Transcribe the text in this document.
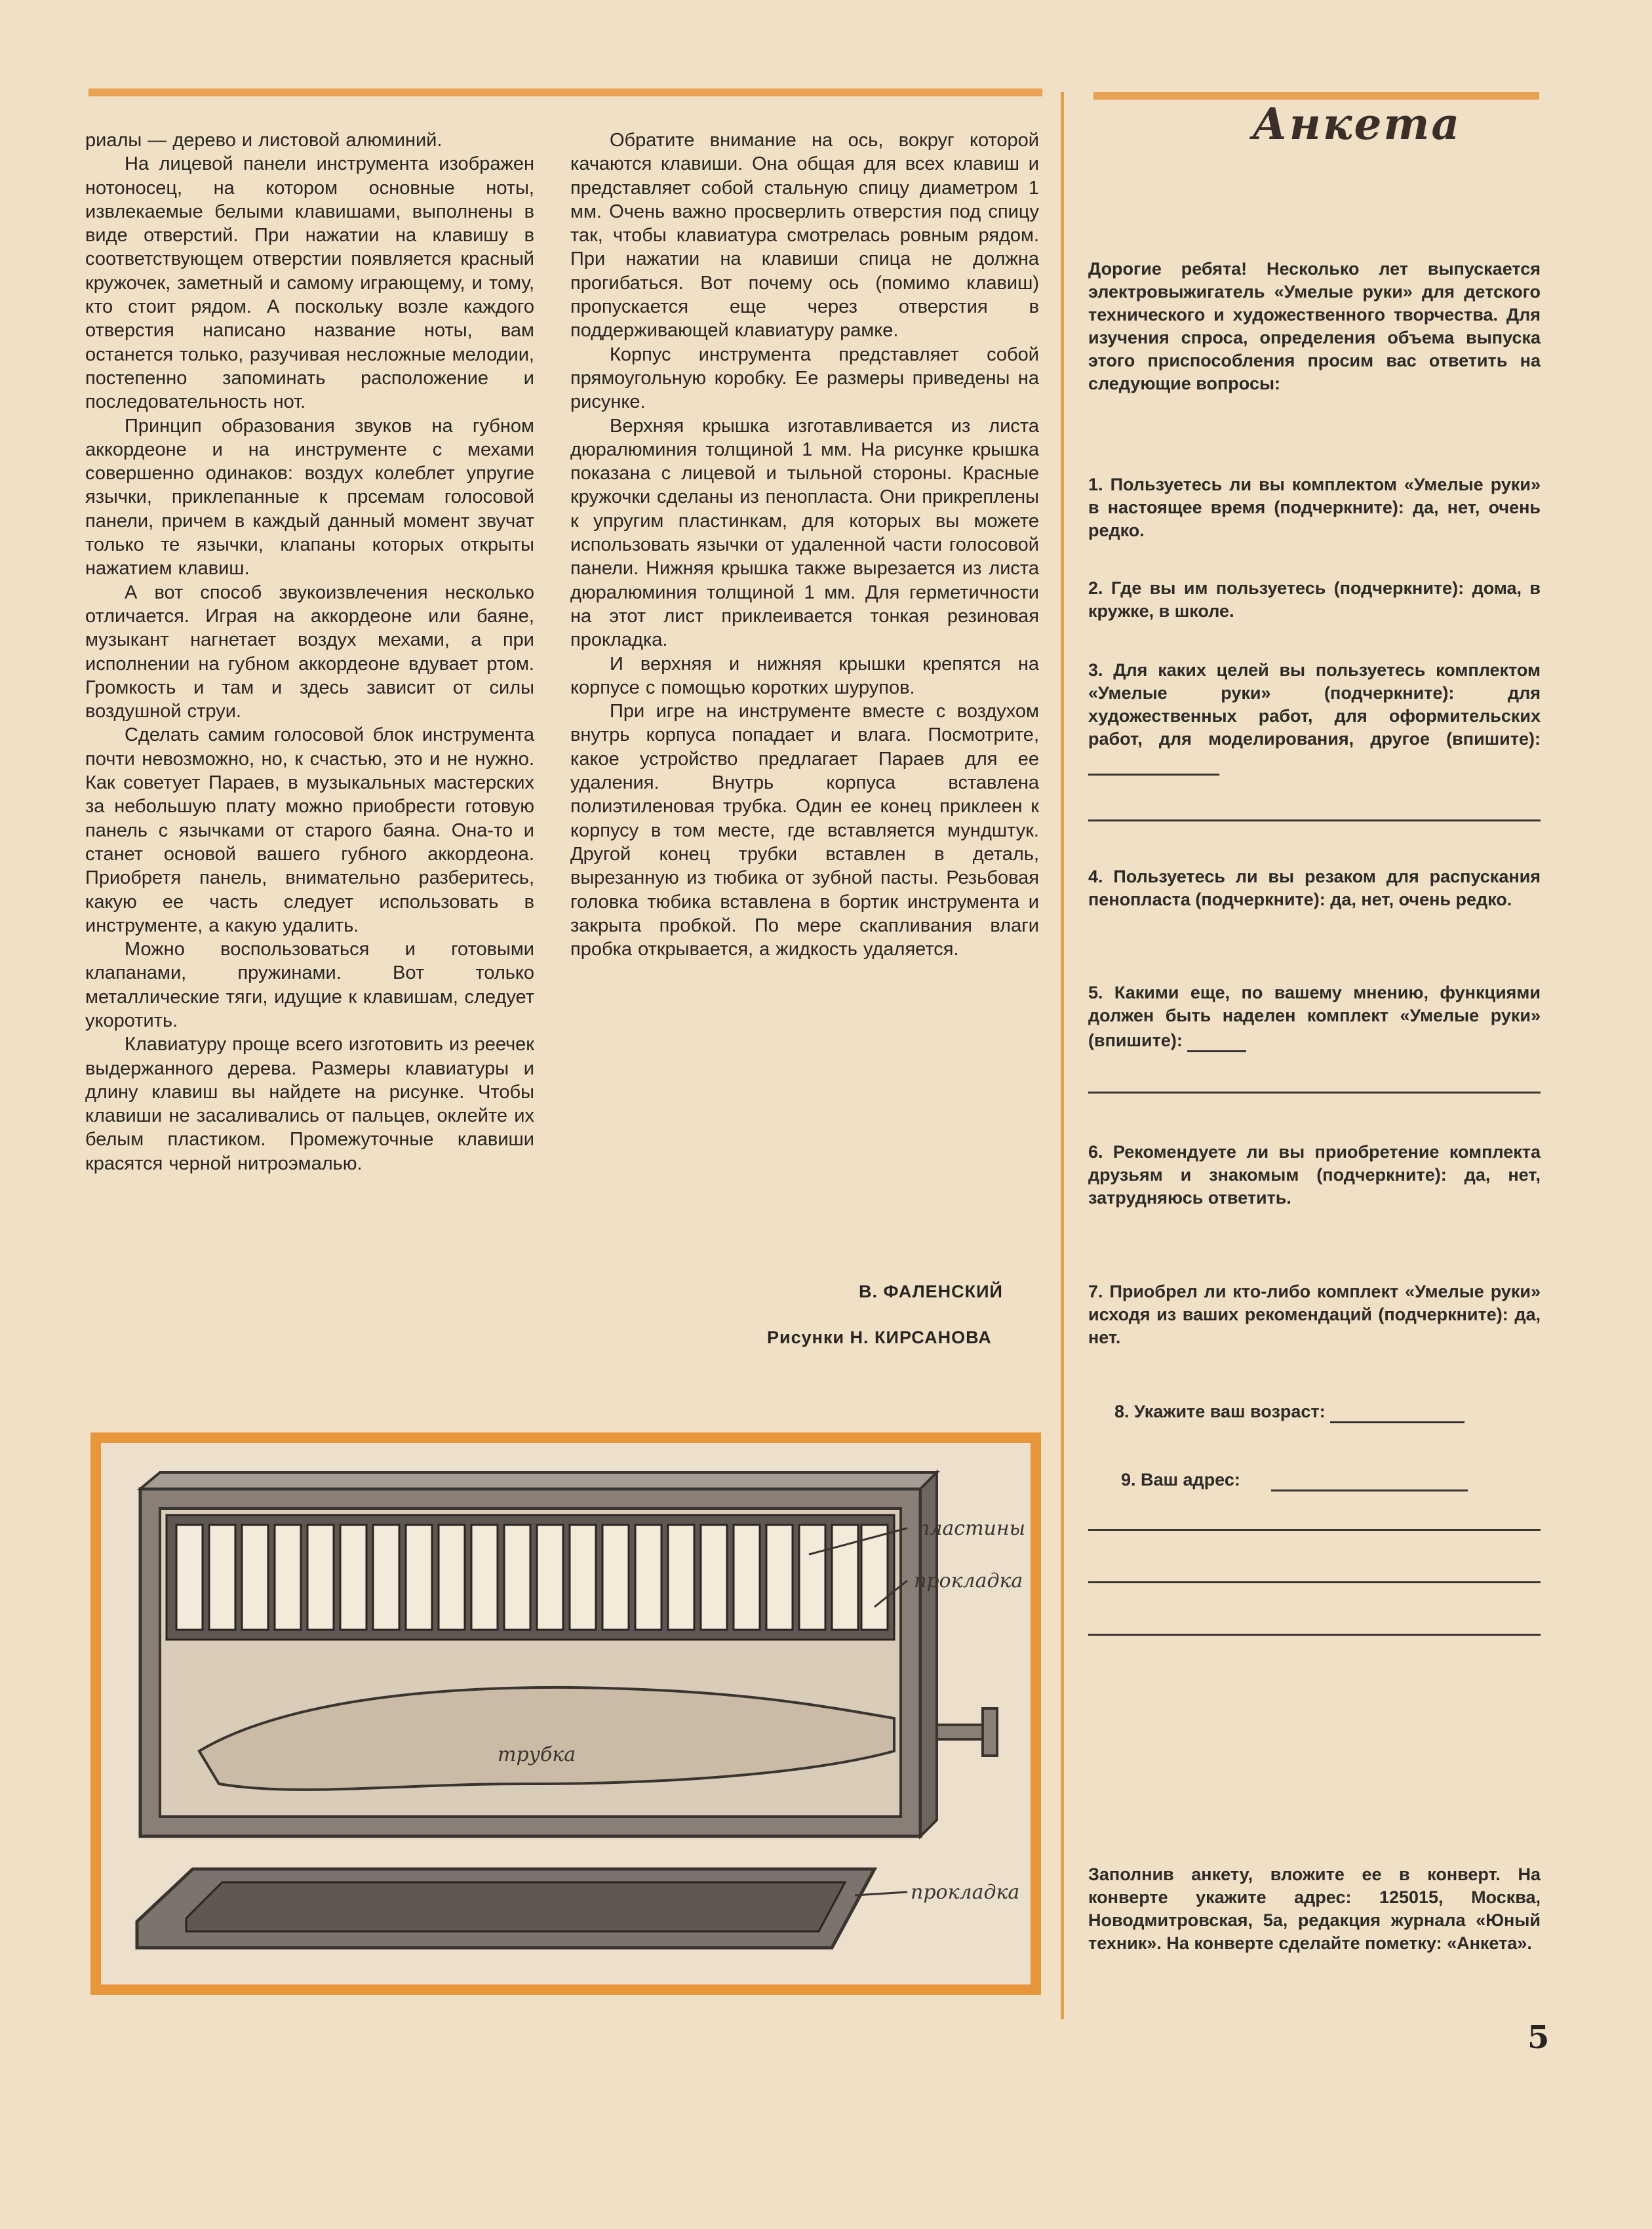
риалы — дерево и листовой алюминий.

На лицевой панели инструмента изображен нотоносец, на котором основные ноты, извлекаемые белыми клавишами, выполнены в виде отверстий. При нажатии на клавишу в соответствующем отверстии появляется красный кружочек, заметный и самому играющему, и тому, кто стоит рядом. А поскольку возле каждого отверстия написано название ноты, вам останется только, разучивая несложные мелодии, постепенно запоминать расположение и последовательность нот.

Принцип образования звуков на губном аккордеоне и на инструменте с мехами совершенно одинаков: воздух колеблет упругие язычки, приклепанные к прсемам голосовой панели, причем в каждый данный момент звучат только те язычки, клапаны которых открыты нажатием клавиш.

А вот способ звукоизвлечения несколько отличается. Играя на аккордеоне или баяне, музыкант нагнетает воздух мехами, а при исполнении на губном аккордеоне вдувает ртом. Громкость и там и здесь зависит от силы воздушной струи.

Сделать самим голосовой блок инструмента почти невозможно, но, к счастью, это и не нужно. Как советует Параев, в музыкальных мастерских за небольшую плату можно приобрести готовую панель с язычками от старого баяна. Она-то и станет основой вашего губного аккордеона. Приобретя панель, внимательно разберитесь, какую ее часть следует использовать в инструменте, а какую удалить.

Можно воспользоваться и готовыми клапанами, пружинами. Вот только металлические тяги, идущие к клавишам, следует укоротить.

Клавиатуру проще всего изготовить из реечек выдержанного дерева. Размеры клавиатуры и длину клавиш вы найдете на рисунке. Чтобы клавиши не засаливались от пальцев, оклейте их белым пластиком. Промежуточные клавиши красятся черной нитроэмалью.

Обратите внимание на ось, вокруг которой качаются клавиши. Она общая для всех клавиш и представляет собой стальную спицу диаметром 1 мм. Очень важно просверлить отверстия под спицу так, чтобы клавиатура смотрелась ровным рядом. При нажатии на клавиши спица не должна прогибаться. Вот почему ось (помимо клавиш) пропускается еще через отверстия в поддерживающей клавиатуру рамке.

Корпус инструмента представляет собой прямоугольную коробку. Ее размеры приведены на рисунке.

Верхняя крышка изготавливается из листа дюралюминия толщиной 1 мм. На рисунке крышка показана с лицевой и тыльной стороны. Красные кружочки сделаны из пенопласта. Они прикреплены к упругим пластинкам, для которых вы можете использовать язычки от удаленной части голосовой панели. Нижняя крышка также вырезается из листа дюралюминия толщиной 1 мм. Для герметичности на этот лист приклеивается тонкая резиновая прокладка.

И верхняя и нижняя крышки крепятся на корпусе с помощью коротких шурупов.

При игре на инструменте вместе с воздухом внутрь корпуса попадает и влага. Посмотрите, какое устройство предлагает Параев для ее удаления. Внутрь корпуса вставлена полиэтиленовая трубка. Один ее конец приклеен к корпусу в том месте, где вставляется мундштук. Другой конец трубки вставлен в деталь, вырезанную из тюбика от зубной пасты. Резьбовая головка тюбика вставлена в бортик инструмента и закрыта пробкой. По мере скапливания влаги пробка открывается, а жидкость удаляется.

В. ФАЛЕНСКИЙ
Рисунки Н. КИРСАНОВА
пластины
прокладка
трубка
прокладка
Анкета

Дорогие ребята! Несколько лет выпускается электровыжигатель «Умелые руки» для детского технического и художественного творчества. Для изучения спроса, определения объема выпуска этого приспособления просим вас ответить на следующие вопросы:

1. Пользуетесь ли вы комплектом «Умелые руки» в настоящее время (подчеркните): да, нет, очень редко.

2. Где вы им пользуетесь (подчеркните): дома, в кружке, в школе.

3. Для каких целей вы пользуетесь комплектом «Умелые руки» (подчеркните): для художественных работ, для оформительских работ, для моделирования, другое (впишите):

4. Пользуетесь ли вы резаком для распускания пенопласта (подчеркните): да, нет, очень редко.

5. Какими еще, по вашему мнению, функциями должен быть наделен комплект «Умелые руки» (впишите):

6. Рекомендуете ли вы приобретение комплекта друзьям и знакомым (подчеркните): да, нет, затрудняюсь ответить.

7. Приобрел ли кто-либо комплект «Умелые руки» исходя из ваших рекомендаций (подчеркните): да, нет.

8. Укажите ваш возраст:

9. Ваш адрес:

Заполнив анкету, вложите ее в конверт. На конверте укажите адрес: 125015, Москва, Новодмитровская, 5а, редакция журнала «Юный техник». На конверте сделайте пометку: «Анкета».

5
